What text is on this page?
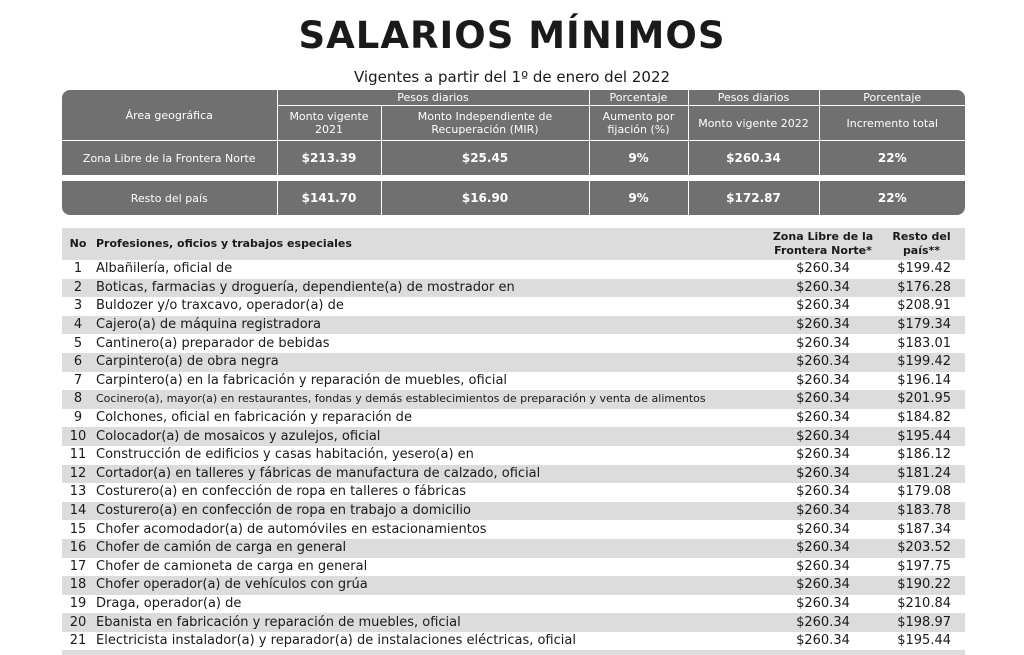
SALARIOS MÍNIMOS

Vigentes a partir del 1º de enero del 2022

Área geográfica	Pesos diarios		Porcentaje	Pesos diarios	Porcentaje
	Monto vigente 2021	Monto Independiente de Recuperación (MIR)	Aumento por fijación (%)	Monto vigente 2022	Incremento total
Zona Libre de la Frontera Norte	$213.39	$25.45	9%	$260.34	22%

Resto del país	$141.70	$16.90	9%	$172.87	22%
No	Profesiones, oficios y trabajos especiales	Zona Libre de la Frontera Norte*	Resto del país**
1	Albañilería, oficial de	$260.34	$199.42
2	Boticas, farmacias y droguería, dependiente(a) de mostrador en	$260.34	$176.28
3	Buldozer y/o traxcavo, operador(a) de	$260.34	$208.91
4	Cajero(a) de máquina registradora	$260.34	$179.34
5	Cantinero(a) preparador de bebidas	$260.34	$183.01
6	Carpintero(a) de obra negra	$260.34	$199.42
7	Carpintero(a) en la fabricación y reparación de muebles, oficial	$260.34	$196.14
8	Cocinero(a), mayor(a) en restaurantes, fondas y demás establecimientos de preparación y venta de alimentos	$260.34	$201.95
9	Colchones, oficial en fabricación y reparación de	$260.34	$184.82
10	Colocador(a) de mosaicos y azulejos, oficial	$260.34	$195.44
11	Construcción de edificios y casas habitación, yesero(a) en	$260.34	$186.12
12	Cortador(a) en talleres y fábricas de manufactura de calzado, oficial	$260.34	$181.24
13	Costurero(a) en confección de ropa en talleres o fábricas	$260.34	$179.08
14	Costurero(a) en confección de ropa en trabajo a domicilio	$260.34	$183.78
15	Chofer acomodador(a) de automóviles en estacionamientos	$260.34	$187.34
16	Chofer de camión de carga en general	$260.34	$203.52
17	Chofer de camioneta de carga en general	$260.34	$197.75
18	Chofer operador(a) de vehículos con grúa	$260.34	$190.22
19	Draga, operador(a) de	$260.34	$210.84
20	Ebanista en fabricación y reparación de muebles, oficial	$260.34	$198.97
21	Electricista instalador(a) y reparador(a) de instalaciones eléctricas, oficial	$260.34	$195.44
